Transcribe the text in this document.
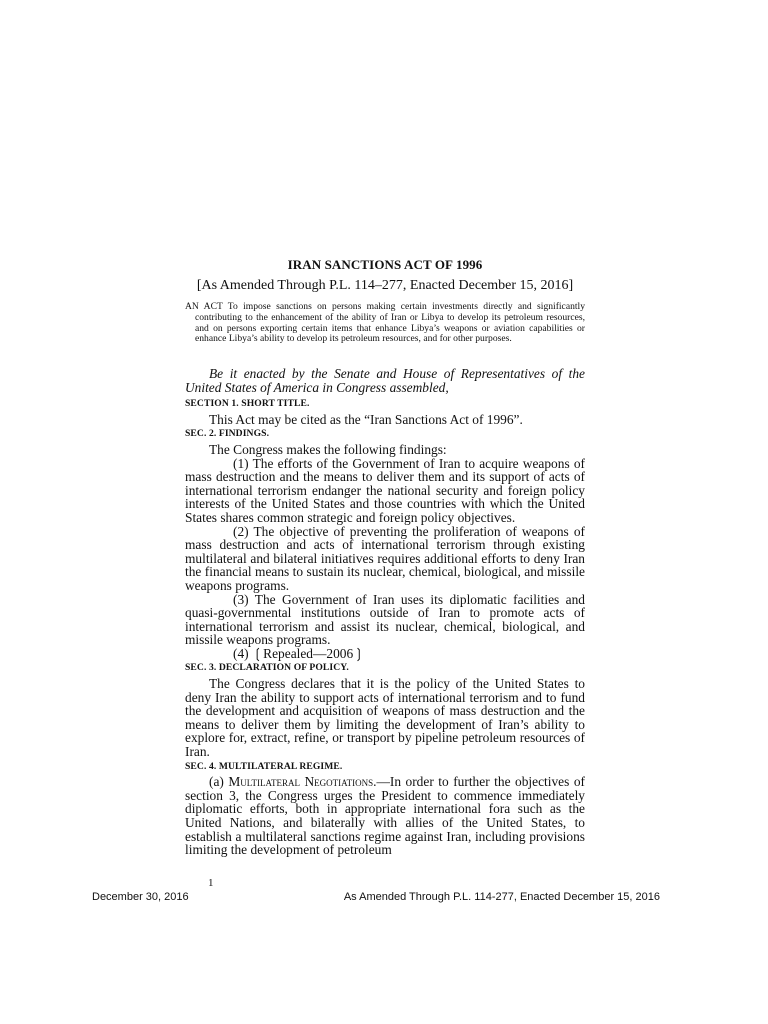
IRAN SANCTIONS ACT OF 1996
[As Amended Through P.L. 114–277, Enacted December 15, 2016]
AN ACT To impose sanctions on persons making certain investments directly and significantly contributing to the enhancement of the ability of Iran or Libya to develop its petroleum resources, and on persons exporting certain items that enhance Libya’s weapons or aviation capabilities or enhance Libya’s ability to develop its petroleum resources, and for other purposes.
Be it enacted by the Senate and House of Representatives of the United States of America in Congress assembled,
SECTION 1. SHORT TITLE.

This Act may be cited as the “Iran Sanctions Act of 1996”.

SEC. 2. FINDINGS.

The Congress makes the following findings:

(1) The efforts of the Government of Iran to acquire weapons of mass destruction and the means to deliver them and its support of acts of international terrorism endanger the national security and foreign policy interests of the United States and those countries with which the United States shares common strategic and foreign policy objectives.

(2) The objective of preventing the proliferation of weapons of mass destruction and acts of international terrorism through existing multilateral and bilateral initiatives requires additional efforts to deny Iran the financial means to sustain its nuclear, chemical, biological, and missile weapons programs.

(3) The Government of Iran uses its diplomatic facilities and quasi-governmental institutions outside of Iran to promote acts of international terrorism and assist its nuclear, chemical, biological, and missile weapons programs.

(4) ❲Repealed—2006❳

SEC. 3. DECLARATION OF POLICY.

The Congress declares that it is the policy of the United States to deny Iran the ability to support acts of international terrorism and to fund the development and acquisition of weapons of mass destruction and the means to deliver them by limiting the development of Iran’s ability to explore for, extract, refine, or transport by pipeline petroleum resources of Iran.

SEC. 4. MULTILATERAL REGIME.

(a) Multilateral Negotiations.—In order to further the objectives of section 3, the Congress urges the President to commence immediately diplomatic efforts, both in appropriate international fora such as the United Nations, and bilaterally with allies of the United States, to establish a multilateral sanctions regime against Iran, including provisions limiting the development of petroleum

1
December 30, 2016	As Amended Through P.L. 114-277, Enacted December 15, 2016
